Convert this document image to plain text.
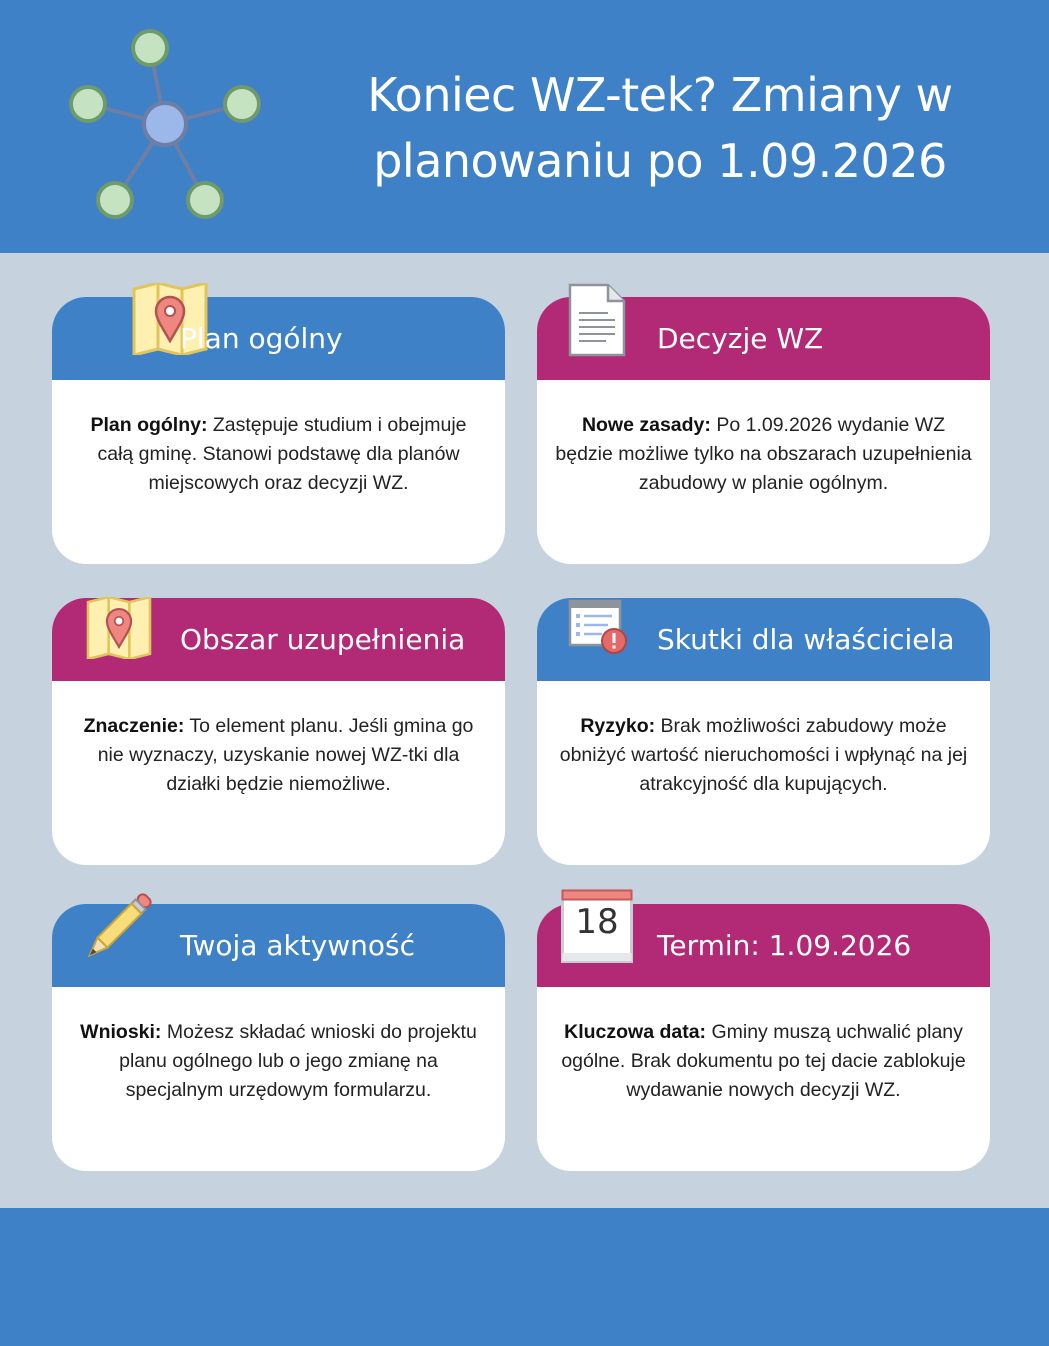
Koniec WZ-tek? Zmiany w
planowaniu po 1.09.2026
Plan ogólny
Plan ogólny: Zastępuje studium i obejmuje całą gminę. Stanowi podstawę dla planów miejscowych oraz decyzji WZ.
Decyzje WZ
Nowe zasady: Po 1.09.2026 wydanie WZ będzie możliwe tylko na obszarach uzupełnienia zabudowy w planie ogólnym.
Obszar uzupełnienia
Znaczenie: To element planu. Jeśli gmina go nie wyznaczy, uzyskanie nowej WZ-tki dla działki będzie niemożliwe.
Skutki dla właściciela
Ryzyko: Brak możliwości zabudowy może obniżyć wartość nieruchomości i wpłynąć na jej atrakcyjność dla kupujących.
Twoja aktywność
Wnioski: Możesz składać wnioski do projektu planu ogólnego lub o jego zmianę na specjalnym urzędowym formularzu.
18
Termin: 1.09.2026
Kluczowa data: Gminy muszą uchwalić plany ogólne. Brak dokumentu po tej dacie zablokuje wydawanie nowych decyzji WZ.
